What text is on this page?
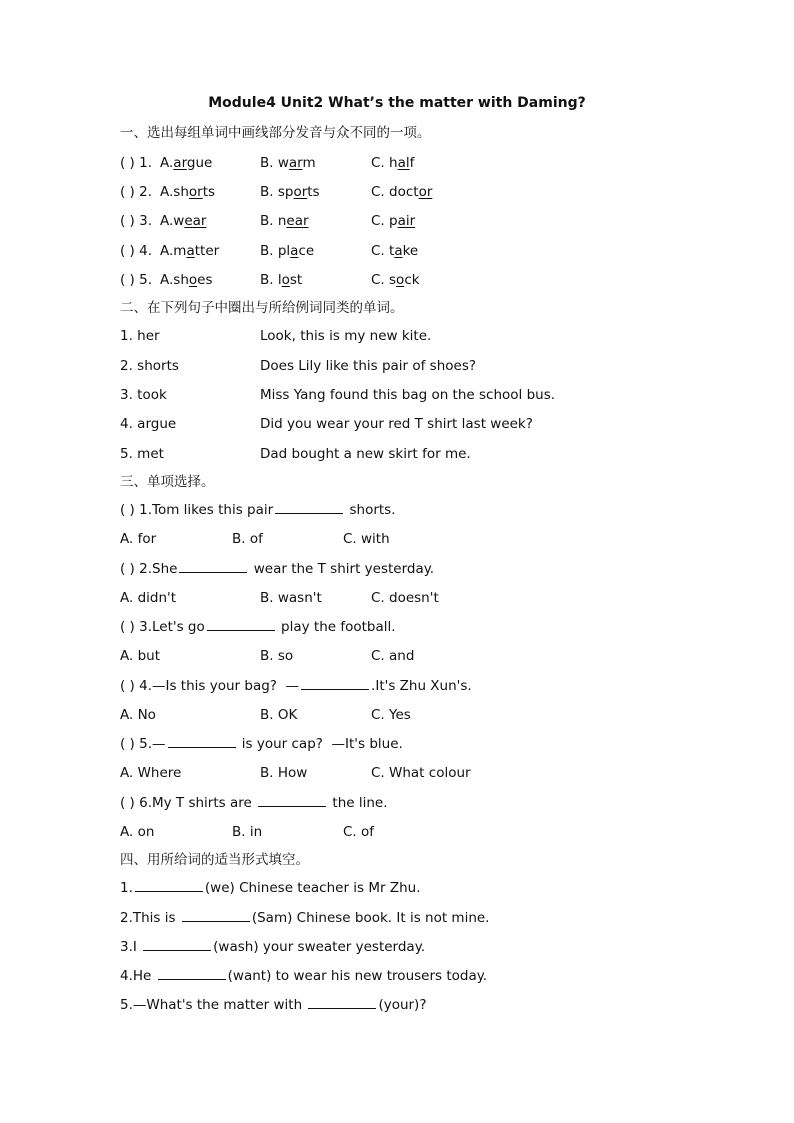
Module4 Unit2 What’s the matter with Daming?
一、选出每组单词中画线部分发音与众不同的一项。
( ) 1. A.argue	B. warm	C. half
( ) 2. A.shorts	B. sports	C. doctor
( ) 3. A.wear	B. near	C. pair
( ) 4. A.matter	B. place	C. take
( ) 5. A.shoes	B. lost	C. sock
二、在下列句子中圈出与所给例词同类的单词。
1. her	Look, this is my new kite.
2. shorts	Does Lily like this pair of shoes?
3. took	Miss Yang found this bag on the school bus.
4. argue	Did you wear your red T shirt last week?
5. met	Dad bought a new skirt for me.
三、单项选择。
( ) 1.Tom likes this pair	shorts.
A. for	B. of	C. with
( ) 2.She	wear the T shirt yesterday.
A. didn't	B. wasn't	C. doesn't
( ) 3.Let's go	play the football.
A. but	B. so	C. and
( ) 4.—Is this your bag?  —	.It's Zhu Xun's.
A. No	B. OK	C. Yes
( ) 5.—	is your cap?  —It's blue.
A. Where	B. How	C. What colour
( ) 6.My T shirts are	the line.
A. on	B. in	C. of
四、用所给词的适当形式填空。
1.	(we) Chinese teacher is Mr Zhu.
2.This is	(Sam) Chinese book. It is not mine.
3.I	(wash) your sweater yesterday.
4.He	(want) to wear his new trousers today.
5.—What's the matter with	(your)?
